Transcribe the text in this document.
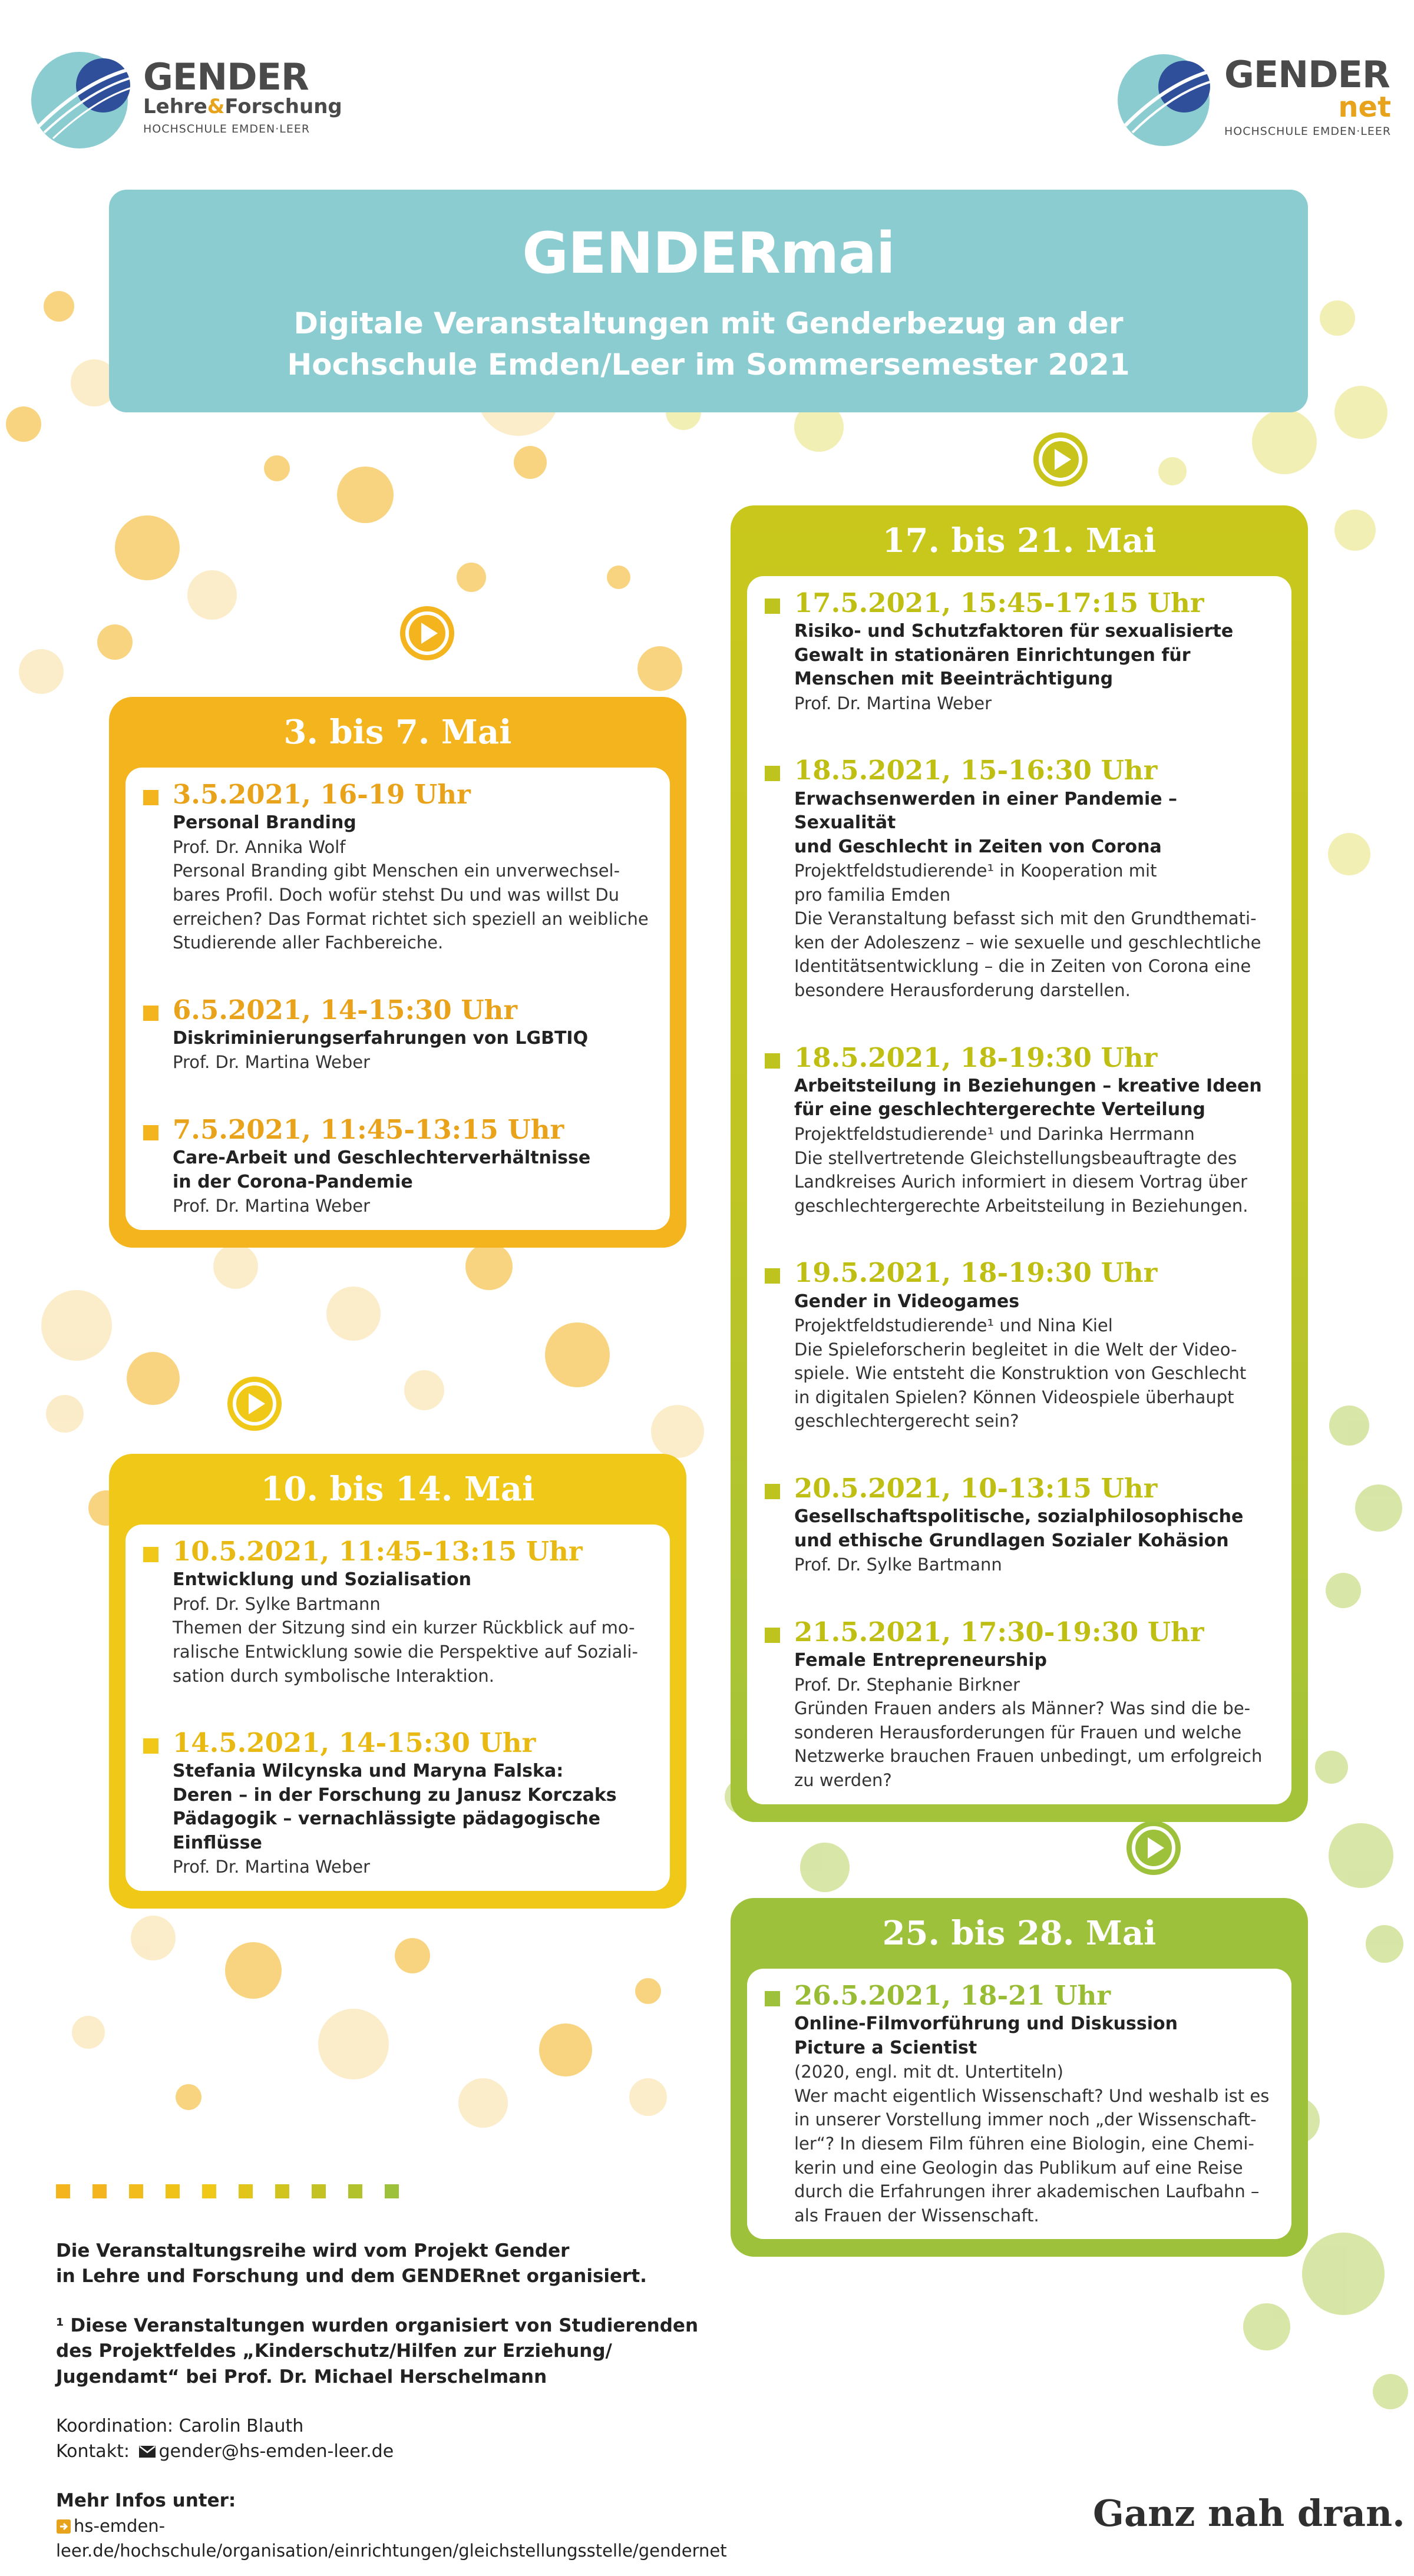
GENDER
Lehre&Forschung
HOCHSCHULE EMDEN·LEER
GENDER
net
HOCHSCHULE EMDEN·LEER
GENDERmai
Digitale Veranstaltungen mit Genderbezug an der
Hochschule Emden/Leer im Sommersemester 2021
3. bis 7. Mai
3.5.2021, 16-19 Uhr
Personal Branding
Prof. Dr. Annika Wolf
Personal Branding gibt Menschen ein unverwechsel-
bares Profil. Doch wofür stehst Du und was willst Du
erreichen? Das Format richtet sich speziell an weibliche
Studierende aller Fachbereiche.
6.5.2021, 14-15:30 Uhr
Diskriminierungserfahrungen von LGBTIQ
Prof. Dr. Martina Weber
7.5.2021, 11:45-13:15 Uhr
Care-Arbeit und Geschlechterverhältnisse
in der Corona-Pandemie
Prof. Dr. Martina Weber
10. bis 14. Mai
10.5.2021, 11:45-13:15 Uhr
Entwicklung und Sozialisation
Prof. Dr. Sylke Bartmann
Themen der Sitzung sind ein kurzer Rückblick auf mo-
ralische Entwicklung sowie die Perspektive auf Soziali-
sation durch symbolische Interaktion.
14.5.2021, 14-15:30 Uhr
Stefania Wilcynska und Maryna Falska:
Deren – in der Forschung zu Janusz Korczaks
Pädagogik – vernachlässigte pädagogische
Einflüsse
Prof. Dr. Martina Weber
17. bis 21. Mai
17.5.2021, 15:45-17:15 Uhr
Risiko- und Schutzfaktoren für sexualisierte
Gewalt in stationären Einrichtungen für
Menschen mit Beeinträchtigung
Prof. Dr. Martina Weber
18.5.2021, 15-16:30 Uhr
Erwachsenwerden in einer Pandemie – Sexualität
und Geschlecht in Zeiten von Corona
Projektfeldstudierende¹ in Kooperation mit
pro familia Emden
Die Veranstaltung befasst sich mit den Grundthemati-
ken der Adoleszenz – wie sexuelle und geschlechtliche
Identitätsentwicklung – die in Zeiten von Corona eine
besondere Herausforderung darstellen.
18.5.2021, 18-19:30 Uhr
Arbeitsteilung in Beziehungen – kreative Ideen
für eine geschlechtergerechte Verteilung
Projektfeldstudierende¹ und Darinka Herrmann
Die stellvertretende Gleichstellungsbeauftragte des
Landkreises Aurich informiert in diesem Vortrag über
geschlechtergerechte Arbeitsteilung in Beziehungen.
19.5.2021, 18-19:30 Uhr
Gender in Videogames
Projektfeldstudierende¹ und Nina Kiel
Die Spieleforscherin begleitet in die Welt der Video-
spiele. Wie entsteht die Konstruktion von Geschlecht
in digitalen Spielen? Können Videospiele überhaupt
geschlechtergerecht sein?
20.5.2021, 10-13:15 Uhr
Gesellschaftspolitische, sozialphilosophische
und ethische Grundlagen Sozialer Kohäsion
Prof. Dr. Sylke Bartmann
21.5.2021, 17:30-19:30 Uhr
Female Entrepreneurship
Prof. Dr. Stephanie Birkner
Gründen Frauen anders als Männer? Was sind die be-
sonderen Herausforderungen für Frauen und welche
Netzwerke brauchen Frauen unbedingt, um erfolgreich
zu werden?
25. bis 28. Mai
26.5.2021, 18-21 Uhr
Online-Filmvorführung und Diskussion
Picture a Scientist
(2020, engl. mit dt. Untertiteln)
Wer macht eigentlich Wissenschaft? Und weshalb ist es
in unserer Vorstellung immer noch „der Wissenschaft-
ler“? In diesem Film führen eine Biologin, eine Chemi-
kerin und eine Geologin das Publikum auf eine Reise
durch die Erfahrungen ihrer akademischen Laufbahn –
als Frauen der Wissenschaft.
Die Veranstaltungsreihe wird vom Projekt Gender
in Lehre und Forschung und dem GENDERnet organisiert.
¹ Diese Veranstaltungen wurden organisiert von Studierenden
des Projektfeldes „Kinderschutz/Hilfen zur Erziehung/
Jugendamt“ bei Prof. Dr. Michael Herschelmann
Koordination: Carolin Blauth
Kontakt: gender@hs-emden-leer.de
Mehr Infos unter:
hs-emden-leer.de/hochschule/organisation/einrichtungen/gleichstellungsstelle/gendernet
Ganz nah dran.
